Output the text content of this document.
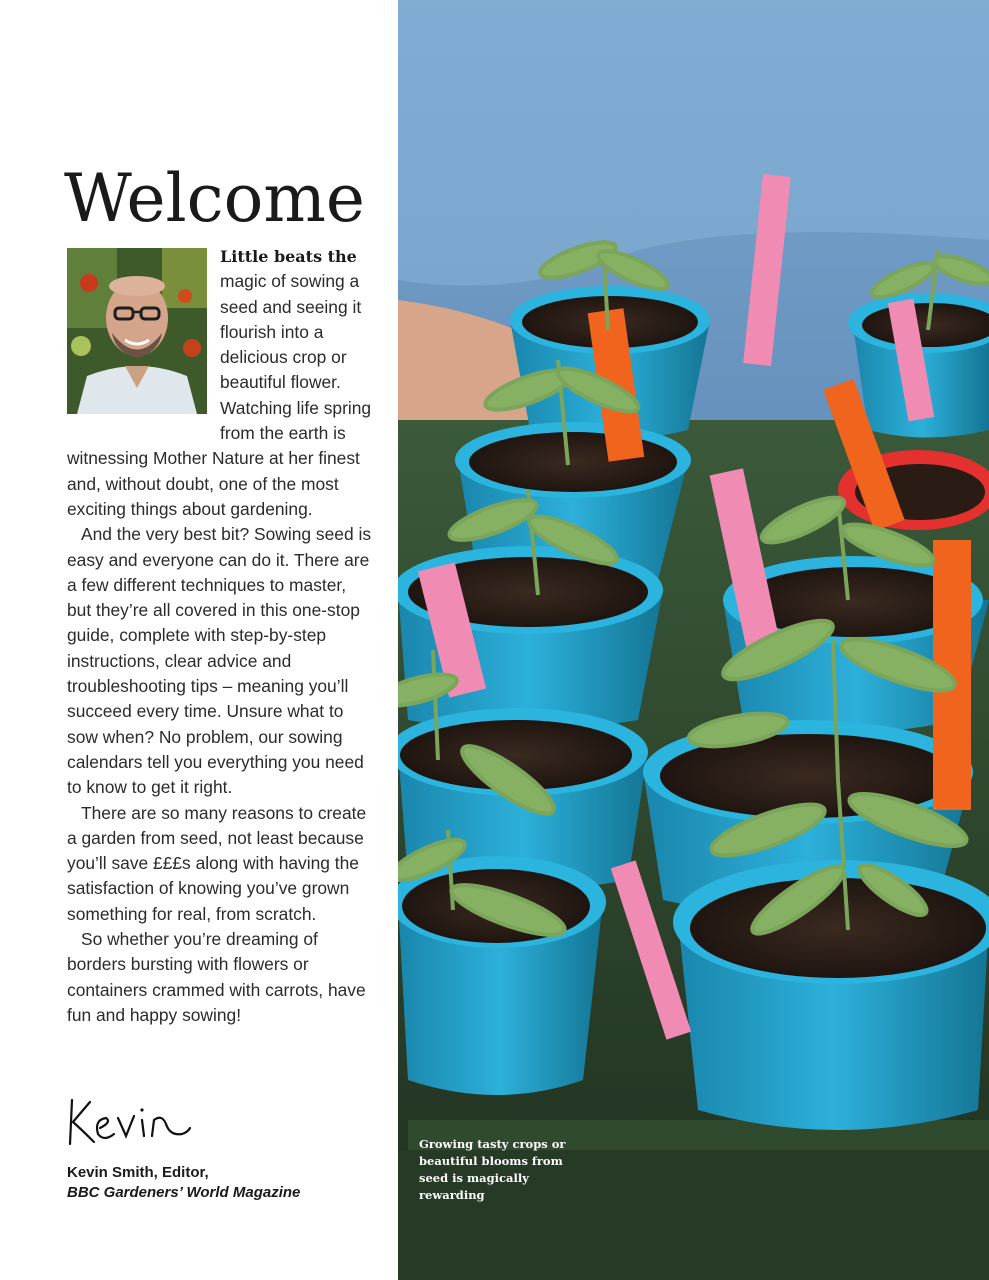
Welcome

Little beats the magic of sowing a seed and seeing it flourish into a delicious crop or beautiful flower. Watching life spring from the earth is witnessing Mother Nature at her finest and, without doubt, one of the most exciting things about gardening.

And the very best bit? Sowing seed is easy and everyone can do it. There are a few different techniques to master, but they’re all covered in this one-stop guide, complete with step-by-step instructions, clear advice and troubleshooting tips – meaning you’ll succeed every time. Unsure what to sow when? No problem, our sowing calendars tell you everything you need to know to get it right.

There are so many reasons to create a garden from seed, not least because you’ll save £££s along with having the satisfaction of knowing you’ve grown something for real, from scratch.

So whether you’re dreaming of borders bursting with flowers or containers crammed with carrots, have fun and happy sowing!

Kevin Smith, Editor,
BBC Gardeners’ World Magazine
Growing tasty crops or beautiful blooms from seed is magically rewarding
